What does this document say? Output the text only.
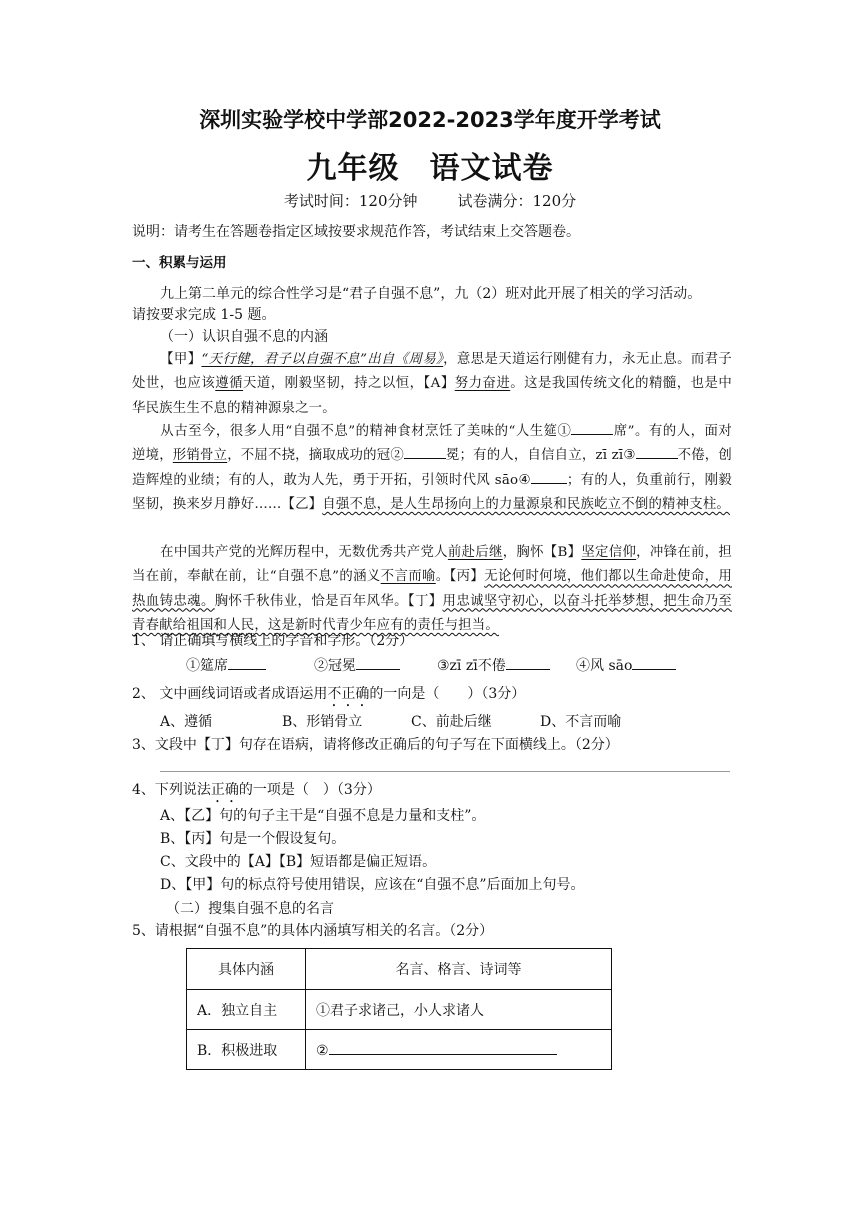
深圳实验学校中学部2022-2023学年度开学考试
九年级 语文试卷
考试时间：120分钟	试卷满分：120分
说明：请考生在答题卷指定区域按要求规范作答，考试结束上交答题卷。
一、积累与运用
九上第二单元的综合性学习是“君子自强不息”，九（2）班对此开展了相关的学习活动。
请按要求完成 1-5 题。
（一）认识自强不息的内涵
【甲】“天行健，君子以自强不息”出自《周易》，意思是天道运行刚健有力，永无止息。而君子处世，也应该遵循天道，刚毅坚韧，持之以恒，【A】努力奋进。这是我国传统文化的精髓，也是中华民族生生不息的精神源泉之一。
从古至今，很多人用“自强不息”的精神食材烹饪了美味的“人生筵①	席”。有的人，面对逆境，形销骨立，不屈不挠，摘取成功的冠②	冕；有的人，自信自立，zī zī③	不倦，创造辉煌的业绩；有的人，敢为人先，勇于开拓，引领时代风 sāo④	；有的人，负重前行，刚毅坚韧，换来岁月静好……【乙】自强不息，是人生昂扬向上的力量源泉和民族屹立不倒的精神支柱。
在中国共产党的光辉历程中，无数优秀共产党人前赴后继，胸怀【B】坚定信仰，冲锋在前，担当在前，奉献在前，让“自强不息”的涵义不言而喻。【丙】无论何时何境，他们都以生命赴使命，用热血铸忠魂。胸怀千秋伟业，恰是百年风华。【丁】用忠诚坚守初心，以奋斗托举梦想，把生命乃至青春献给祖国和人民，这是新时代青少年应有的责任与担当。
1、 请正确填写横线上的字音和字形。（2分）
①筵席	②冠冕	③zī zī不倦	④风 sāo
2、 文中画线词语或者成语运用不正确的一向是（　　）（3分）
A、遵循	B、形销骨立	C、前赴后继	D、不言而喻
3、文段中【丁】句存在语病，请将修改正确后的句子写在下面横线上。（2分）
4、下列说法正确的一项是（　）（3分）
A、【乙】句的句子主干是“自强不息是力量和支柱”。
B、【丙】句是一个假设复句。
C、文段中的【A】【B】短语都是偏正短语。
D、【甲】句的标点符号使用错误，应该在“自强不息”后面加上句号。
（二）搜集自强不息的名言
5、请根据“自强不息”的具体内涵填写相关的名言。（2分）
具体内涵	名言、格言、诗词等
A．独立自主	①君子求诸己，小人求诸人
B．积极进取	②
